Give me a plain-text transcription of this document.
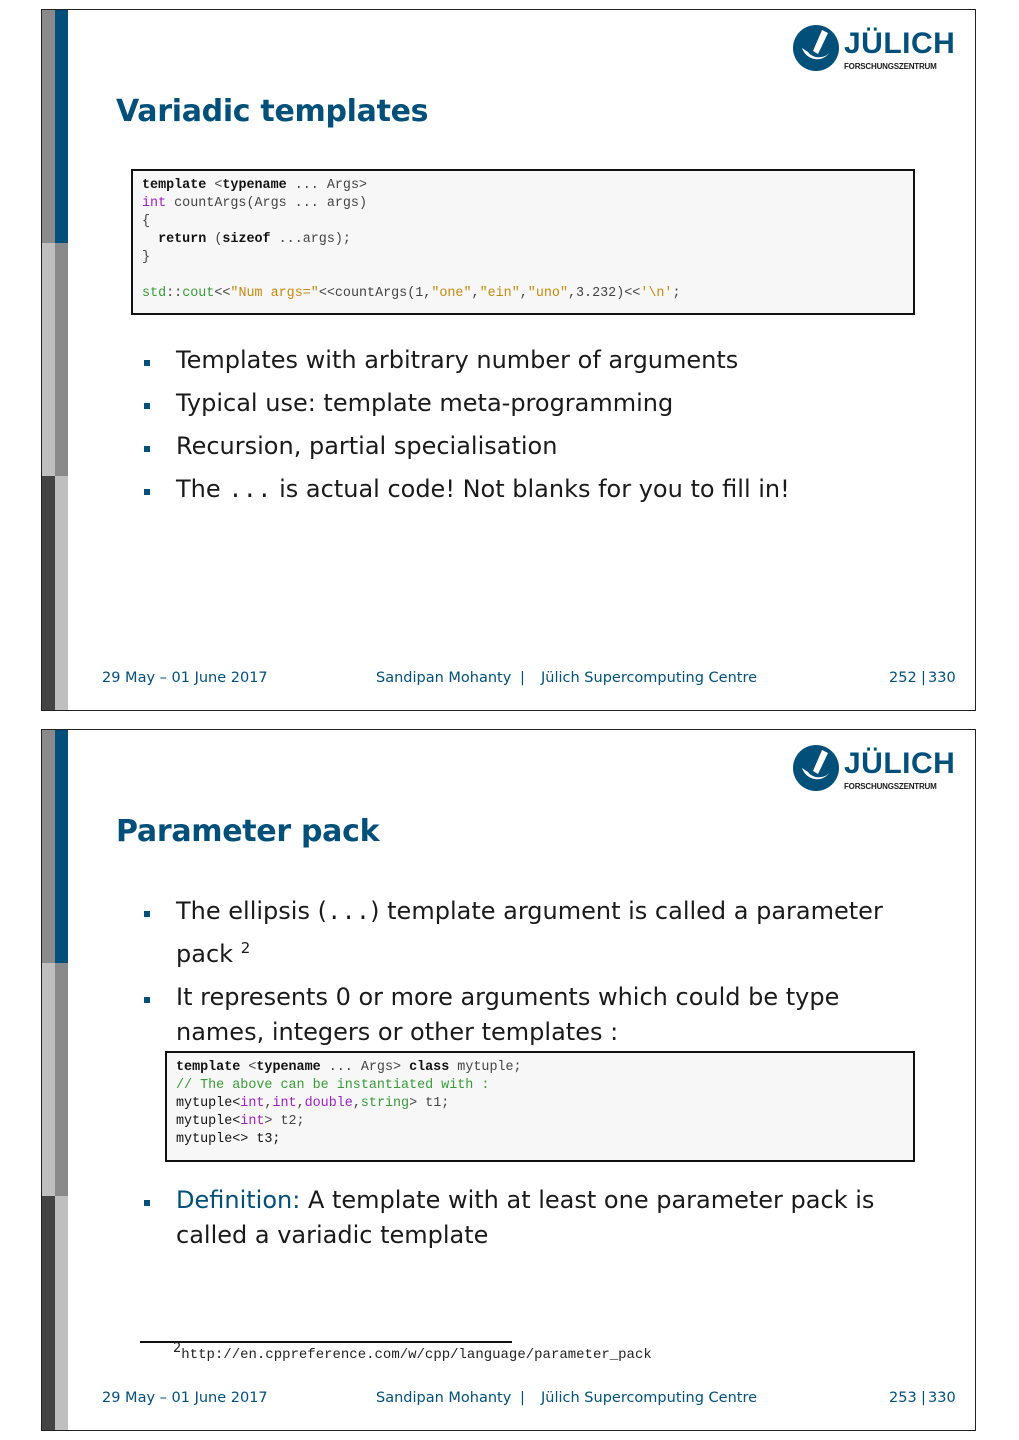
JÜLICH
FORSCHUNGSZENTRUM
Variadic templates
template <typename ... Args>
int countArgs(Args ... args)
{
return (sizeof ...args);
}

std::cout<<"Num args="<<countArgs(1,"one","ein","uno",3.232)<<'\n';
Templates with arbitrary number of arguments
Typical use: template meta-programming
Recursion, partial specialisation
The ... is actual code! Not blanks for you to fill in!
29 May – 01 June 2017	Sandipan Mohanty | Jülich Supercomputing Centre	252 | 330
JÜLICH
FORSCHUNGSZENTRUM
Parameter pack
The ellipsis (...) template argument is called a parameter pack $^2$
It represents 0 or more arguments which could be type names, integers or other templates :
template <typename ... Args> class mytuple;
// The above can be instantiated with :
mytuple<int,int,double,string> t1;
mytuple<int> t2;
mytuple<> t3;
Definition: A template with at least one parameter pack is called a variadic template
2http://en.cppreference.com/w/cpp/language/parameter_pack
29 May – 01 June 2017	Sandipan Mohanty | Jülich Supercomputing Centre	253 | 330
